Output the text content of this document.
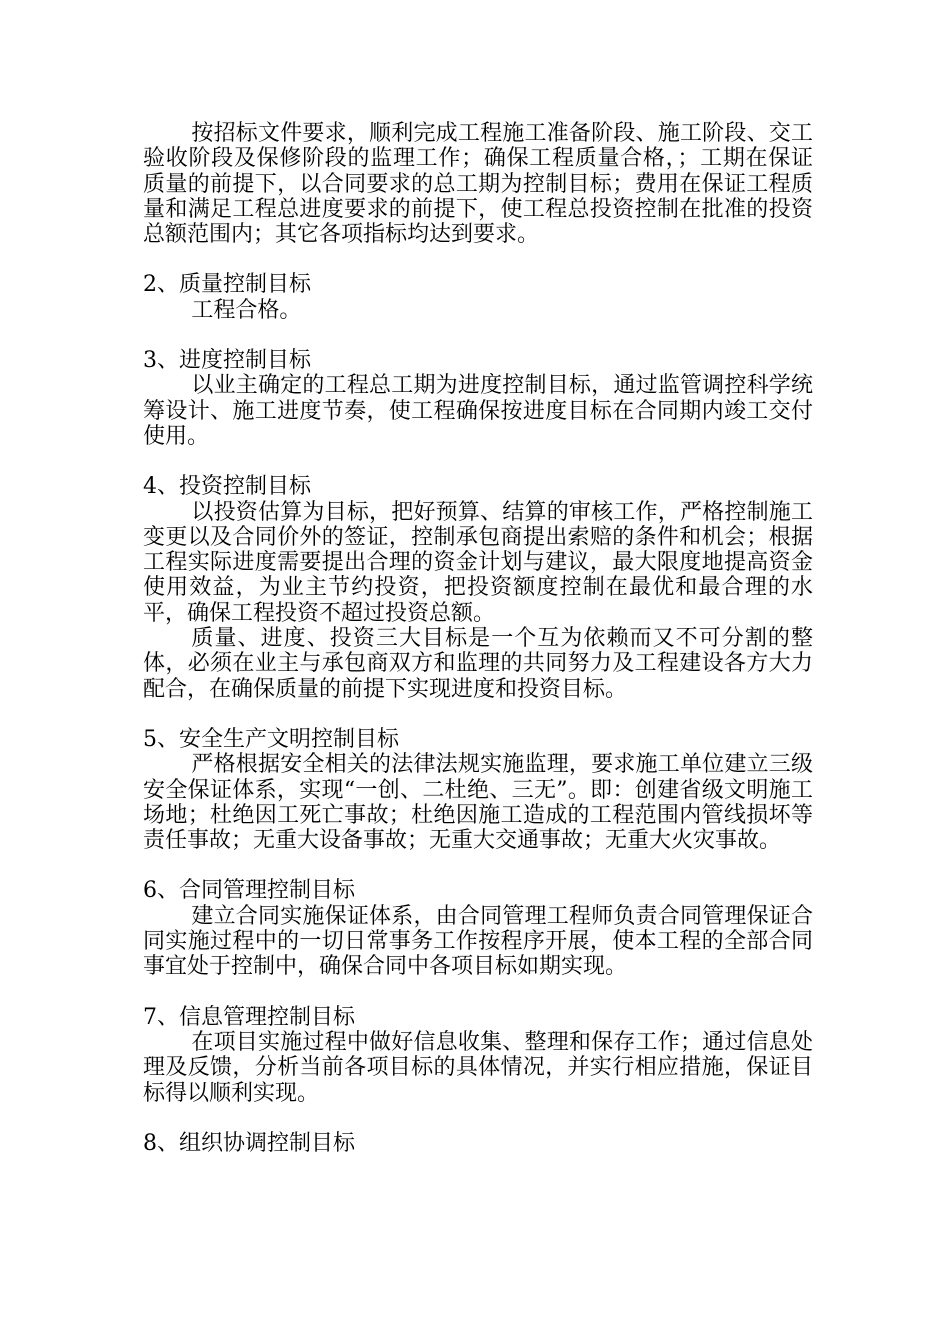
按招标文件要求，顺利完成工程施工准备阶段、施工阶段、交工验收阶段及保修阶段的监理工作；确保工程质量合格，；工期在保证质量的前提下，以合同要求的总工期为控制目标；费用在保证工程质量和满足工程总进度要求的前提下，使工程总投资控制在批准的投资总额范围内；其它各项指标均达到要求。

2、质量控制目标

工程合格。

3、进度控制目标

以业主确定的工程总工期为进度控制目标，通过监管调控科学统筹设计、施工进度节奏，使工程确保按进度目标在合同期内竣工交付使用。

4、投资控制目标

以投资估算为目标，把好预算、结算的审核工作，严格控制施工变更以及合同价外的签证，控制承包商提出索赔的条件和机会；根据工程实际进度需要提出合理的资金计划与建议，最大限度地提高资金使用效益，为业主节约投资，把投资额度控制在最优和最合理的水平，确保工程投资不超过投资总额。

质量、进度、投资三大目标是一个互为依赖而又不可分割的整体，必须在业主与承包商双方和监理的共同努力及工程建设各方大力配合，在确保质量的前提下实现进度和投资目标。

5、安全生产文明控制目标

严格根据安全相关的法律法规实施监理，要求施工单位建立三级安全保证体系，实现“一创、二杜绝、三无”。即：创建省级文明施工场地；杜绝因工死亡事故；杜绝因施工造成的工程范围内管线损坏等责任事故；无重大设备事故；无重大交通事故；无重大火灾事故。

6、合同管理控制目标

建立合同实施保证体系，由合同管理工程师负责合同管理保证合同实施过程中的一切日常事务工作按程序开展，使本工程的全部合同事宜处于控制中，确保合同中各项目标如期实现。

7、信息管理控制目标

在项目实施过程中做好信息收集、整理和保存工作；通过信息处理及反馈，分析当前各项目标的具体情况，并实行相应措施，保证目标得以顺利实现。

8、组织协调控制目标
